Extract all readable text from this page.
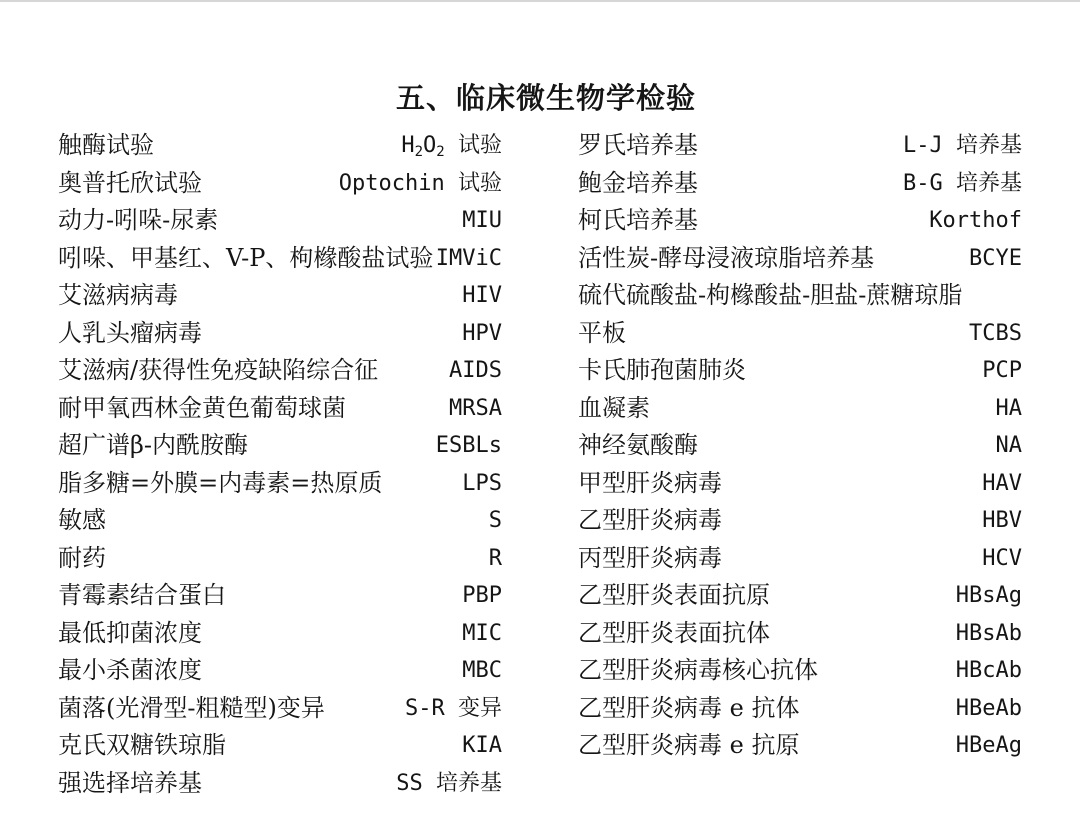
五、临床微生物学检验
触酶试验	$H_2O_2$ 试验
奥普托欣试验	Optochin 试验
动力-吲哚-尿素	MIU
吲哚、甲基红、V-P、枸橼酸盐试验 IMViC
艾滋病病毒	HIV
人乳头瘤病毒	HPV
艾滋病/获得性免疫缺陷综合征	AIDS
耐甲氧西林金黄色葡萄球菌	MRSA
超广谱β-内酰胺酶	ESBLs
脂多糖=外膜=内毒素=热原质	LPS
敏感	S
耐药	R
青霉素结合蛋白	PBP
最低抑菌浓度	MIC
最小杀菌浓度	MBC
菌落(光滑型-粗糙型)变异	S-R 变异
克氏双糖铁琼脂	KIA
强选择培养基	SS 培养基
罗氏培养基	L-J 培养基
鲍金培养基	B-G 培养基
柯氏培养基	Korthof
活性炭-酵母浸液琼脂培养基	BCYE
硫代硫酸盐-枸橼酸盐-胆盐-蔗糖琼脂
平板	TCBS
卡氏肺孢菌肺炎	PCP
血凝素	HA
神经氨酸酶	NA
甲型肝炎病毒	HAV
乙型肝炎病毒	HBV
丙型肝炎病毒	HCV
乙型肝炎表面抗原	HBsAg
乙型肝炎表面抗体	HBsAb
乙型肝炎病毒核心抗体	HBcAb
乙型肝炎病毒 e 抗体	HBeAb
乙型肝炎病毒 e 抗原	HBeAg
